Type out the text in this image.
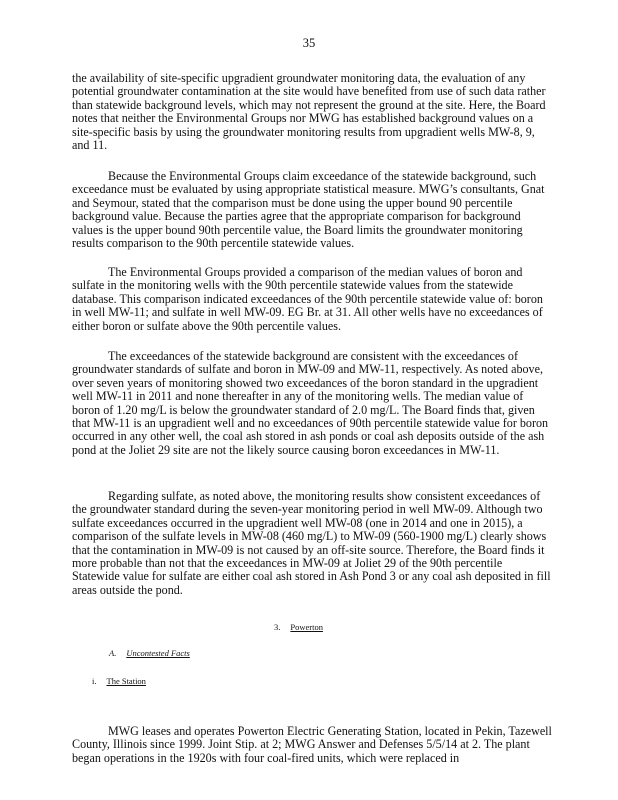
35

the availability of site-specific upgradient groundwater monitoring data, the evaluation of any potential groundwater contamination at the site would have benefited from use of such data rather than statewide background levels, which may not represent the ground at the site. Here, the Board notes that neither the Environmental Groups nor MWG has established background values on a site-specific basis by using the groundwater monitoring results from upgradient wells MW-8, 9, and 11.

Because the Environmental Groups claim exceedance of the statewide background, such exceedance must be evaluated by using appropriate statistical measure. MWG’s consultants, Gnat and Seymour, stated that the comparison must be done using the upper bound 90 percentile background value. Because the parties agree that the appropriate comparison for background values is the upper bound 90th percentile value, the Board limits the groundwater monitoring results comparison to the 90th percentile statewide values.

The Environmental Groups provided a comparison of the median values of boron and sulfate in the monitoring wells with the 90th percentile statewide values from the statewide database. This comparison indicated exceedances of the 90th percentile statewide value of: boron in well MW-11; and sulfate in well MW-09. EG Br. at 31. All other wells have no exceedances of either boron or sulfate above the 90th percentile values.

The exceedances of the statewide background are consistent with the exceedances of groundwater standards of sulfate and boron in MW-09 and MW-11, respectively. As noted above, over seven years of monitoring showed two exceedances of the boron standard in the upgradient well MW-11 in 2011 and none thereafter in any of the monitoring wells. The median value of boron of 1.20 mg/L is below the groundwater standard of 2.0 mg/L. The Board finds that, given that MW-11 is an upgradient well and no exceedances of 90th percentile statewide value for boron occurred in any other well, the coal ash stored in ash ponds or coal ash deposits outside of the ash pond at the Joliet 29 site are not the likely source causing boron exceedances in MW-11.

Regarding sulfate, as noted above, the monitoring results show consistent exceedances of the groundwater standard during the seven-year monitoring period in well MW-09. Although two sulfate exceedances occurred in the upgradient well MW-08 (one in 2014 and one in 2015), a comparison of the sulfate levels in MW-08 (460 mg/L) to MW-09 (560-1900 mg/L) clearly shows that the contamination in MW-09 is not caused by an off-site source. Therefore, the Board finds it more probable than not that the exceedances in MW-09 at Joliet 29 of the 90th percentile Statewide value for sulfate are either coal ash stored in Ash Pond 3 or any coal ash deposited in fill areas outside the pond.

3. Powerton
A. Uncontested Facts
i. The Station

MWG leases and operates Powerton Electric Generating Station, located in Pekin, Tazewell County, Illinois since 1999. Joint Stip. at 2; MWG Answer and Defenses 5/5/14 at 2. The plant began operations in the 1920s with four coal-fired units, which were replaced in
